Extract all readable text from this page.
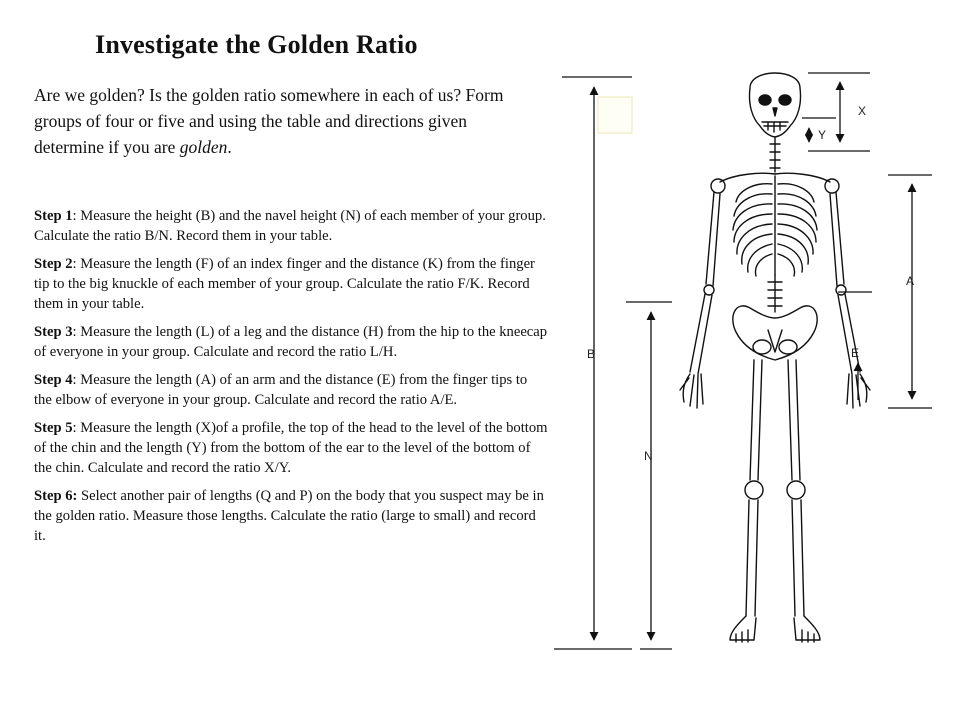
Investigate the Golden Ratio

Are we golden? Is the golden ratio somewhere in each of us? Form groups of four or five and using the table and directions given determine if you are golden.

Step 1: Measure the height (B) and the navel height (N) of each member of your group. Calculate the ratio B/N. Record them in your table.

Step 2: Measure the length (F) of an index finger and the distance (K) from the finger tip to the big knuckle of each member of your group. Calculate the ratio F/K. Record them in your table.

Step 3: Measure the length (L) of a leg and the distance (H) from the hip to the kneecap of everyone in your group. Calculate and record the ratio L/H.

Step 4: Measure the length (A) of an arm and the distance (E) from the finger tips to the elbow of everyone in your group. Calculate and record the ratio A/E.

Step 5: Measure the length (X)of a profile, the top of the head to the level of the bottom of the chin and the length (Y) from the bottom of the ear to the level of the bottom of the chin. Calculate and record the ratio X/Y.

Step 6: Select another pair of lengths (Q and P) on the body that you suspect may be in the golden ratio. Measure those lengths. Calculate the ratio (large to small) and record it.

B
N
X
Y
A
E
